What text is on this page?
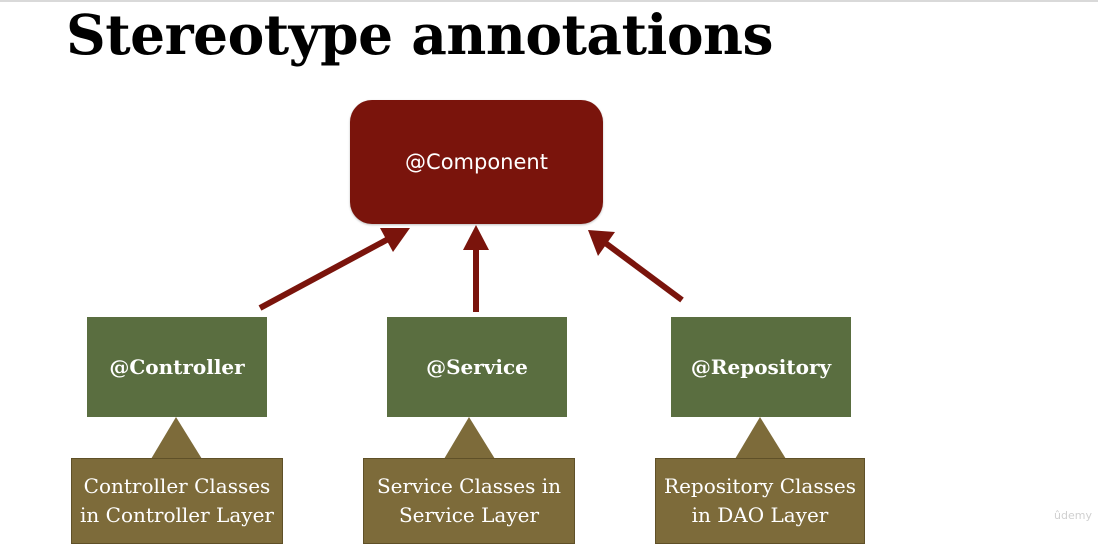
Stereotype annotations
@Component
@Controller	@Service	@Repository
Controller Classes
in Controller Layer
Service Classes in
Service Layer
Repository Classes
in DAO Layer	ûdemy
